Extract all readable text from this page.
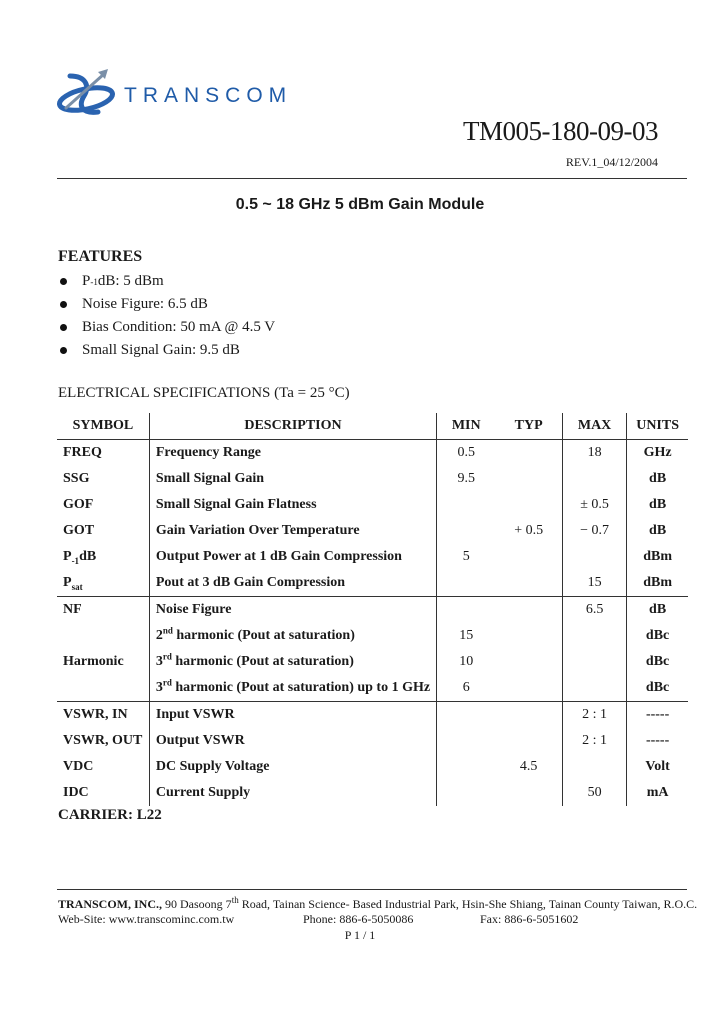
TRANSCOM
TM005-180-09-03
REV.1_04/12/2004
0.5 ~ 18 GHz 5 dBm Gain Module
FEATURES
P -1 dB: 5 dBm
Noise Figure: 6.5 dB
Bias Condition: 50 mA @ 4.5 V
Small Signal Gain: 9.5 dB
ELECTRICAL SPECIFICATIONS (Ta = 25 °C)
SYMBOL	DESCRIPTION	MIN	TYP	MAX	UNITS
FREQ	Frequency Range	0.5		18	GHz
SSG	Small Signal Gain	9.5			dB
GOF	Small Signal Gain Flatness			± 0.5	dB
GOT	Gain Variation Over Temperature		+ 0.5	− 0.7	dB
$P_{-1}dB$	Output Power at 1 dB Gain Compression	5			dBm
$P_{sat}$	Pout at 3 dB Gain Compression			15	dBm
NF	Noise Figure			6.5	dB
	2nd harmonic (Pout at saturation)	15			dBc
Harmonic	3rd harmonic (Pout at saturation)	10			dBc
	3rd harmonic (Pout at saturation) up to 1 GHz	6			dBc
VSWR, IN	Input VSWR			2 : 1	-----
VSWR, OUT	Output VSWR			2 : 1	-----
VDC	DC Supply Voltage		4.5		Volt
IDC	Current Supply			50	mA
CARRIER: L22
TRANSCOM, INC., 90 Dasoong 7th Road, Tainan Science- Based Industrial Park, Hsin-She Shiang, Tainan County Taiwan, R.O.C.
Web-Site: www.transcominc.com.tw	Phone: 886-6-5050086	Fax: 886-6-5051602
P 1 / 1
